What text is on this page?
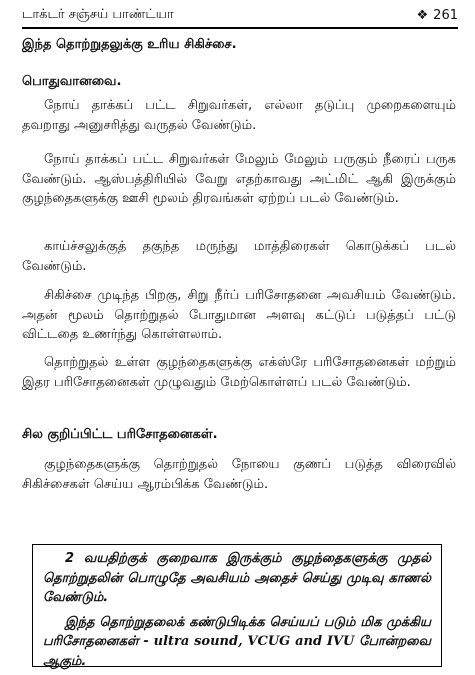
டாக்டர் சஞ்சய் பாண்ட்யா	❖ 261
இந்த தொற்றுதலுக்கு உரிய சிகிச்சை.
பொதுவானவை.

நோய் தாக்கப் பட்ட சிறுவர்கள், எல்லா தடுப்பு முறைகளையும் தவறாது அனுசரித்து வருதல் வேண்டும்.

நோய் தாக்கப் பட்ட சிறுவர்கள் மேலும் மேலும் பருகும் நீரைப் பருக வேண்டும். ஆஸ்பத்திரியில் வேறு எதற்காவது அட்மிட் ஆகி இருக்கும் குழந்தைகளுக்கு ஊசி மூலம் திரவங்கள் ஏற்றப் படல் வேண்டும்.

காய்ச்சலுக்குத் தகுந்த மருந்து மாத்திரைகள் கொடுக்கப் படல் வேண்டும்.

சிகிச்சை முடிந்த பிறகு, சிறு நீர்ப் பரிசோதனை அவசியம் வேண்டும். அதன் மூலம் தொற்றுதல் போதுமான அளவு கட்டுப் படுத்தப் பட்டு விட்டதை உணர்ந்து கொள்ளலாம்.

தொற்றுதல் உள்ள குழந்தைகளுக்கு எக்ஸ்ரே பரிசோதனைகள் மற்றும் இதர பரிசோதனைகள் முழுவதும் மேற்கொள்ளப் படல் வேண்டும்.

சில குறிப்பிட்ட பரிசோதனைகள்.

குழந்தைகளுக்கு தொற்றுதல் நோயை குணப் படுத்த விரைவில் சிகிச்சைகள் செய்ய ஆரம்பிக்க வேண்டும்.

2 வயதிற்குக் குறைவாக இருக்கும் குழந்தைகளுக்கு முதல் தொற்றுதலின் பொழுதே அவசியம் அதைச் செய்து முடிவு காணல் வேண்டும்.

இந்த தொற்றுதலைக் கண்டுபிடிக்க செய்யப் படும் மிக முக்கிய பரிசோதனைகள் - ultra sound, VCUG and IVU போன்றவை ஆகும்.
